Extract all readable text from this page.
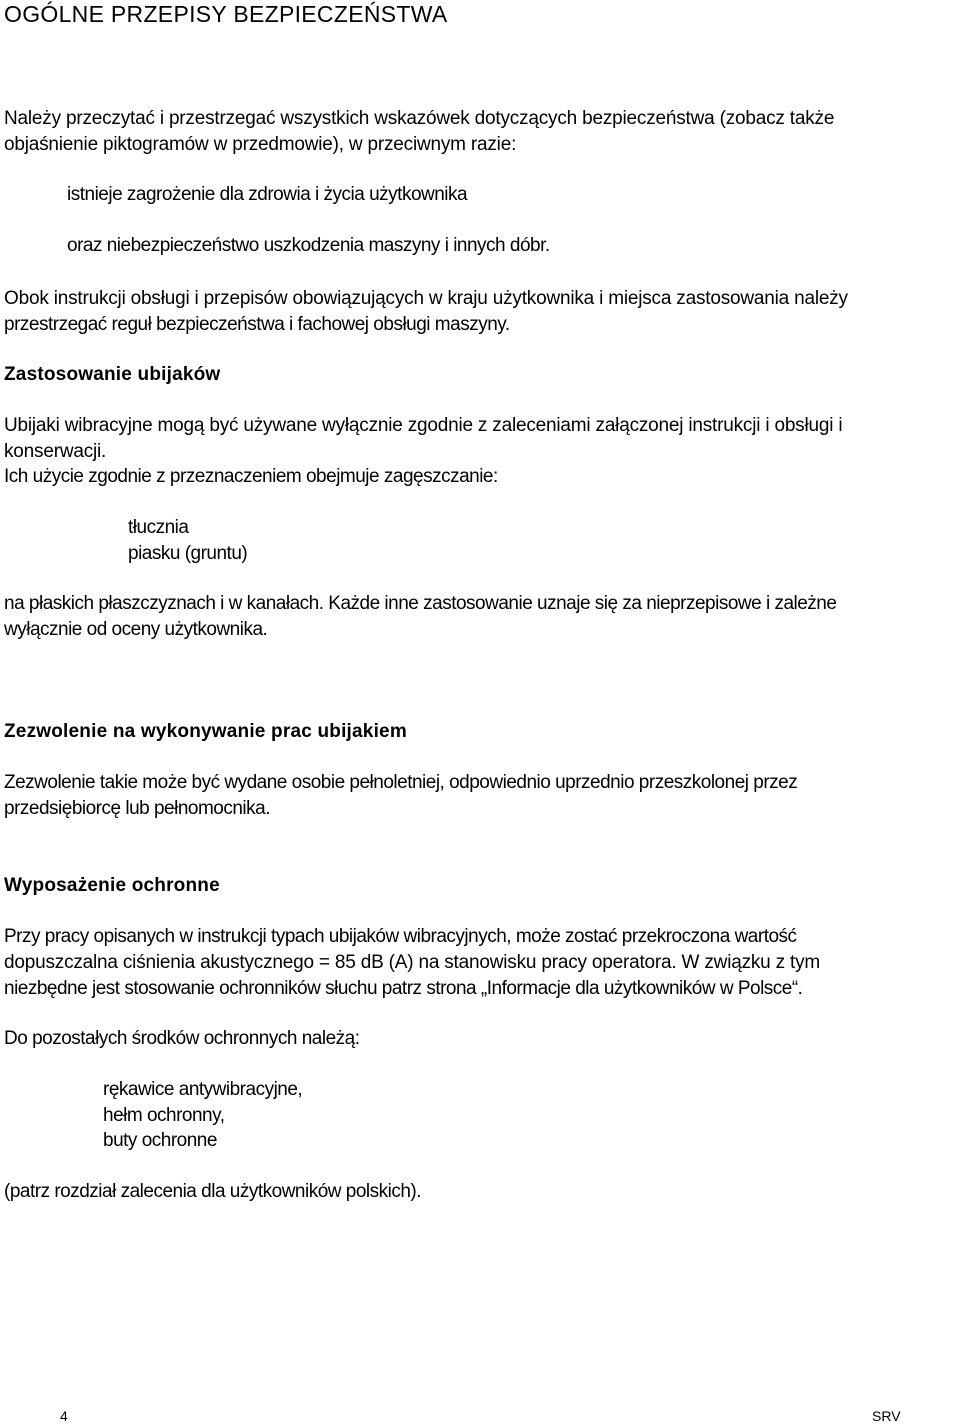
OGÓLNE PRZEPISY BEZPIECZEŃSTWA

Należy przeczytać i przestrzegać wszystkich wskazówek dotyczących bezpieczeństwa (zobacz także

objaśnienie piktogramów w przedmowie), w przeciwnym razie:

istnieje zagrożenie dla zdrowia i życia użytkownika

oraz niebezpieczeństwo uszkodzenia maszyny i innych dóbr.

Obok instrukcji obsługi i przepisów obowiązujących w kraju użytkownika i miejsca zastosowania należy

przestrzegać reguł bezpieczeństwa i fachowej obsługi maszyny.

Zastosowanie ubijaków

Ubijaki wibracyjne mogą być używane wyłącznie zgodnie z zaleceniami załączonej instrukcji i obsługi i

konserwacji.

Ich użycie zgodnie z przeznaczeniem obejmuje zagęszczanie:

tłucznia

piasku (gruntu)

na płaskich płaszczyznach i w kanałach. Każde inne zastosowanie uznaje się za nieprzepisowe i zależne

wyłącznie od oceny użytkownika.

Zezwolenie na wykonywanie prac ubijakiem

Zezwolenie takie może być wydane osobie pełnoletniej, odpowiednio uprzednio przeszkolonej przez

przedsiębiorcę lub pełnomocnika.

Wyposażenie ochronne

Przy pracy opisanych w instrukcji typach ubijaków wibracyjnych, może zostać przekroczona wartość

dopuszczalna ciśnienia akustycznego = 85 dB (A) na stanowisku pracy operatora. W związku z tym

niezbędne jest stosowanie ochronników słuchu patrz strona „Informacje dla użytkowników w Polsce“.

Do pozostałych środków ochronnych należą:

rękawice antywibracyjne,

hełm ochronny,

buty ochronne

(patrz rozdział zalecenia dla użytkowników polskich).

4	SRV
